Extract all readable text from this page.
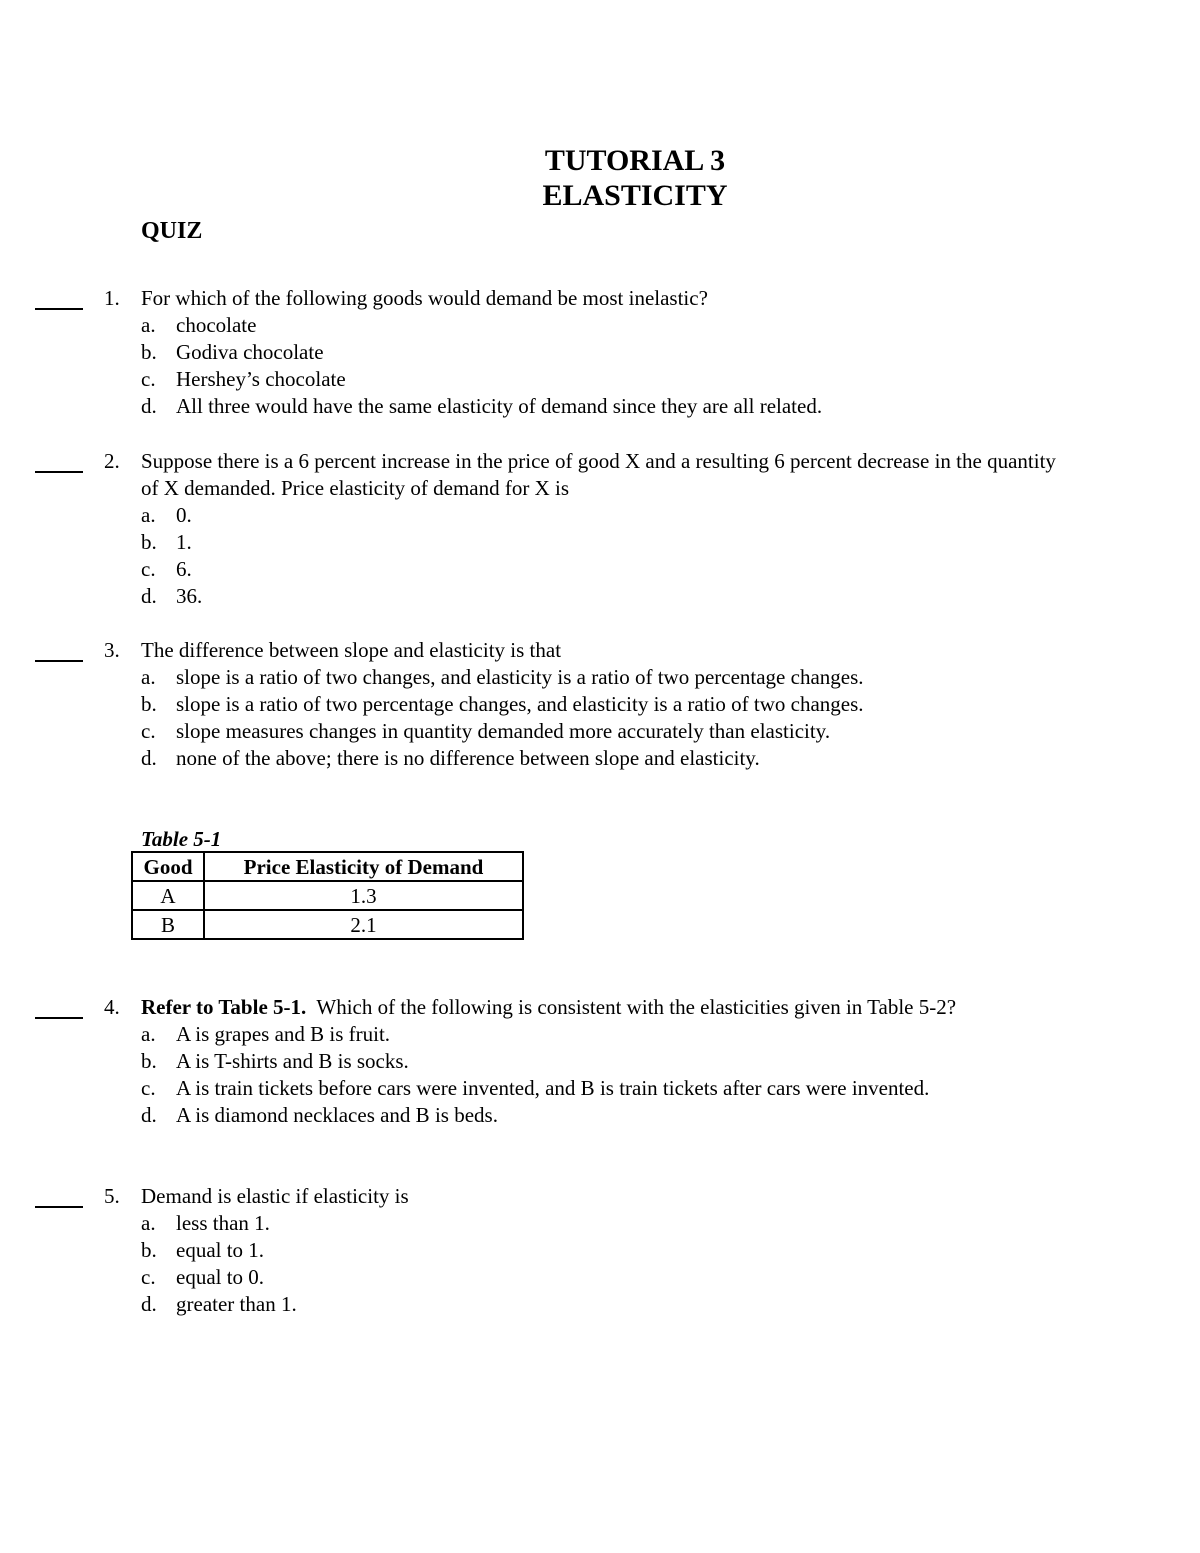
TUTORIAL 3
ELASTICITY
QUIZ
1. For which of the following goods would demand be most inelastic?
a. chocolate
b. Godiva chocolate
c. Hershey’s chocolate
d. All three would have the same elasticity of demand since they are all related.
2. Suppose there is a 6 percent increase in the price of good X and a resulting 6 percent decrease in the quantity of X demanded. Price elasticity of demand for X is
a. 0.
b. 1.
c. 6.
d. 36.
3. The difference between slope and elasticity is that
a. slope is a ratio of two changes, and elasticity is a ratio of two percentage changes.
b. slope is a ratio of two percentage changes, and elasticity is a ratio of two changes.
c. slope measures changes in quantity demanded more accurately than elasticity.
d. none of the above; there is no difference between slope and elasticity.
Table 5-1
Good	Price Elasticity of Demand
A	1.3
B	2.1
4. Refer to Table 5-1. Which of the following is consistent with the elasticities given in Table 5-2?
a. A is grapes and B is fruit.
b. A is T-shirts and B is socks.
c. A is train tickets before cars were invented, and B is train tickets after cars were invented.
d. A is diamond necklaces and B is beds.
5. Demand is elastic if elasticity is
a. less than 1.
b. equal to 1.
c. equal to 0.
d. greater than 1.
